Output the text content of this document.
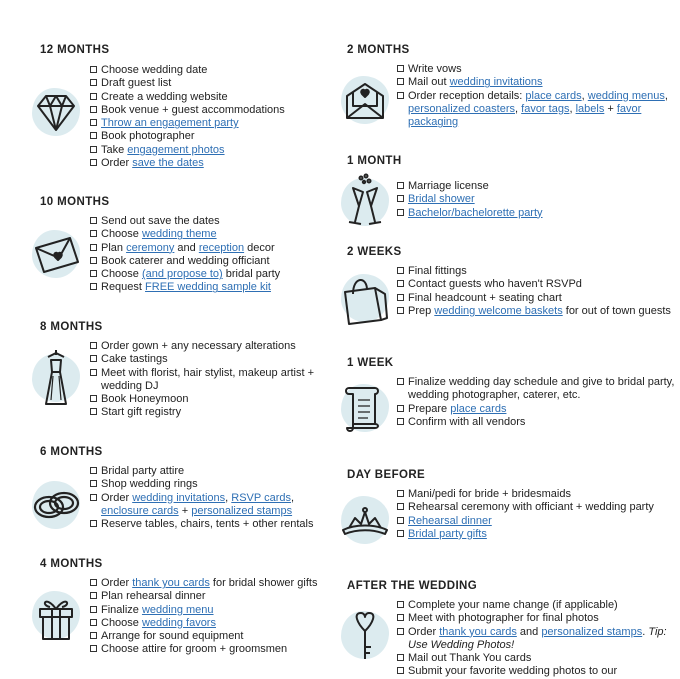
12 MONTHS
Choose wedding date
Draft guest list
Create a wedding website
Book venue + guest accommodations
Throw an engagement party
Book photographer
Take engagement photos
Order save the dates
10 MONTHS
Send out save the dates
Choose wedding theme
Plan ceremony and reception decor
Book caterer and wedding officiant
Choose (and propose to) bridal party
Request FREE wedding sample kit
8 MONTHS
Order gown + any necessary alterations
Cake tastings
Meet with florist, hair stylist, makeup artist + wedding DJ
Book Honeymoon
Start gift registry
6 MONTHS
Bridal party attire
Shop wedding rings
Order wedding invitations, RSVP cards, enclosure cards + personalized stamps
Reserve tables, chairs, tents + other rentals
4 MONTHS
Order thank you cards for bridal shower gifts
Plan rehearsal dinner
Finalize wedding menu
Choose wedding favors
Arrange for sound equipment
Choose attire for groom + groomsmen
2 MONTHS
Write vows
Mail out wedding invitations
Order reception details: place cards, wedding menus, personalized coasters, favor tags, labels + favor packaging
1 MONTH
Marriage license
Bridal shower
Bachelor/bachelorette party
2 WEEKS
Final fittings
Contact guests who haven't RSVPd
Final headcount + seating chart
Prep wedding welcome baskets for out of town guests
1 WEEK
Finalize wedding day schedule and give to bridal party, wedding photographer, caterer, etc.
Prepare place cards
Confirm with all vendors
DAY BEFORE
Mani/pedi for bride + bridesmaids
Rehearsal ceremony with officiant + wedding party
Rehearsal dinner
Bridal party gifts
AFTER THE WEDDING
Complete your name change (if applicable)
Meet with photographer for final photos
Order thank you cards and personalized stamps. Tip: Use Wedding Photos!
Mail out Thank You cards
Submit your favorite wedding photos to our
